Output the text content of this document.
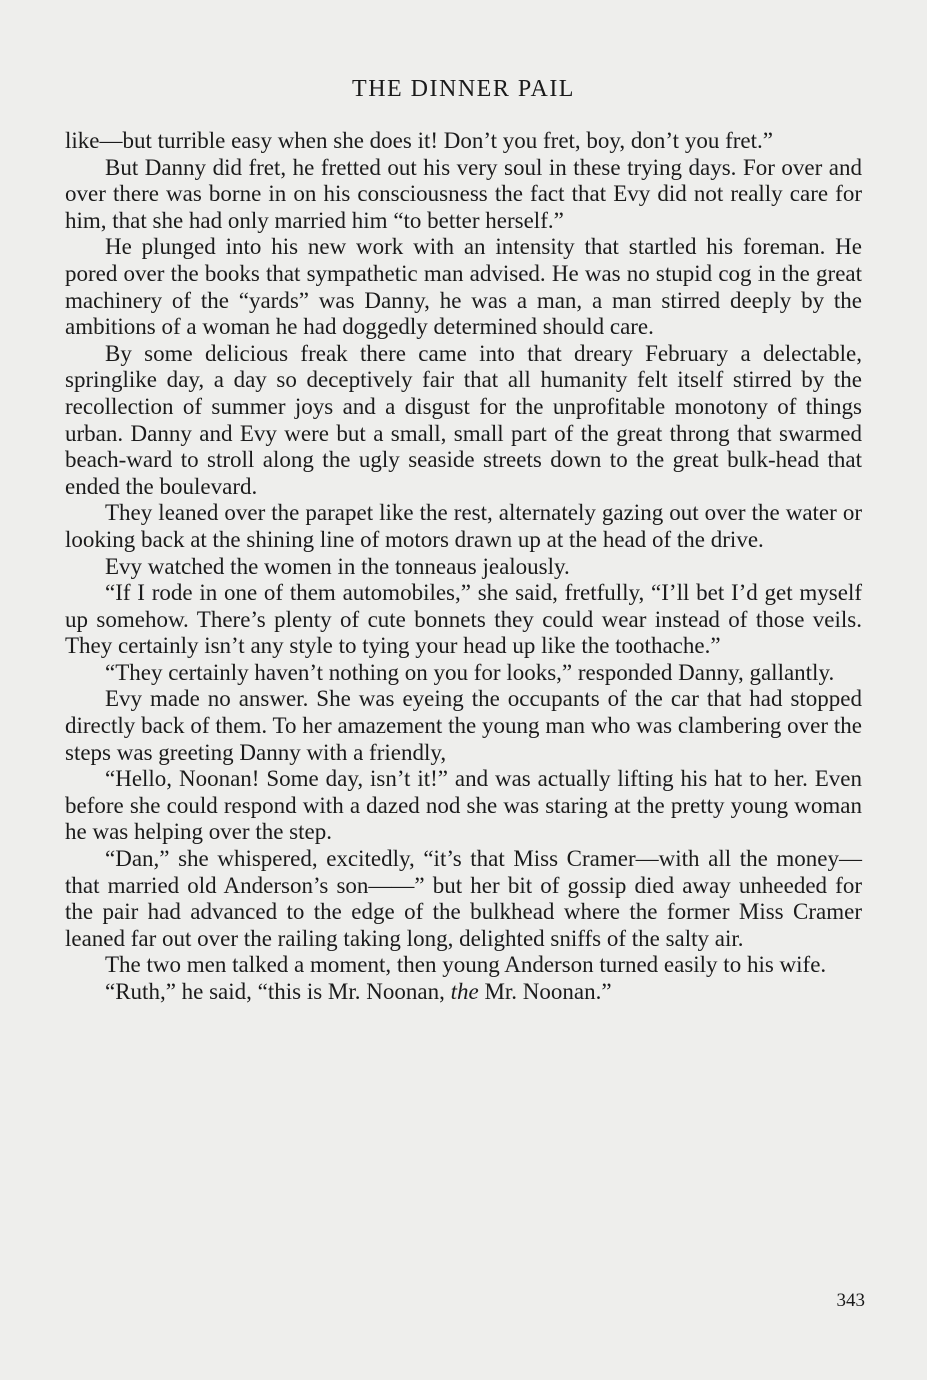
THE DINNER PAIL

like—but turrible easy when she does it! Don’t you fret, boy, don’t you fret.”

But Danny did fret, he fretted out his very soul in these trying days. For over and over there was borne in on his consciousness the fact that Evy did not really care for him, that she had only married him “to better herself.”

He plunged into his new work with an intensity that startled his foreman. He pored over the books that sympathetic man advised. He was no stupid cog in the great machinery of the “yards” was Danny, he was a man, a man stirred deeply by the ambitions of a woman he had doggedly determined should care.

By some delicious freak there came into that dreary February a delectable, springlike day, a day so deceptively fair that all humanity felt itself stirred by the recollection of summer joys and a disgust for the unprofitable monotony of things urban. Danny and Evy were but a small, small part of the great throng that swarmed beach-ward to stroll along the ugly seaside streets down to the great bulk-head that ended the boulevard.

They leaned over the parapet like the rest, alternately gazing out over the water or looking back at the shining line of motors drawn up at the head of the drive.

Evy watched the women in the tonneaus jealously.

“If I rode in one of them automobiles,” she said, fretfully, “I’ll bet I’d get myself up somehow. There’s plenty of cute bonnets they could wear instead of those veils. They certainly isn’t any style to tying your head up like the toothache.”

“They certainly haven’t nothing on you for looks,” responded Danny, gallantly.

Evy made no answer. She was eyeing the occupants of the car that had stopped directly back of them. To her amazement the young man who was clambering over the steps was greeting Danny with a friendly,

“Hello, Noonan! Some day, isn’t it!” and was actually lifting his hat to her. Even before she could respond with a dazed nod she was staring at the pretty young woman he was helping over the step.

“Dan,” she whispered, excitedly, “it’s that Miss Cramer—with all the money—that married old Anderson’s son——” but her bit of gossip died away unheeded for the pair had advanced to the edge of the bulkhead where the former Miss Cramer leaned far out over the railing taking long, delighted sniffs of the salty air.

The two men talked a moment, then young Anderson turned easily to his wife.

“Ruth,” he said, “this is Mr. Noonan, the Mr. Noonan.”

343
